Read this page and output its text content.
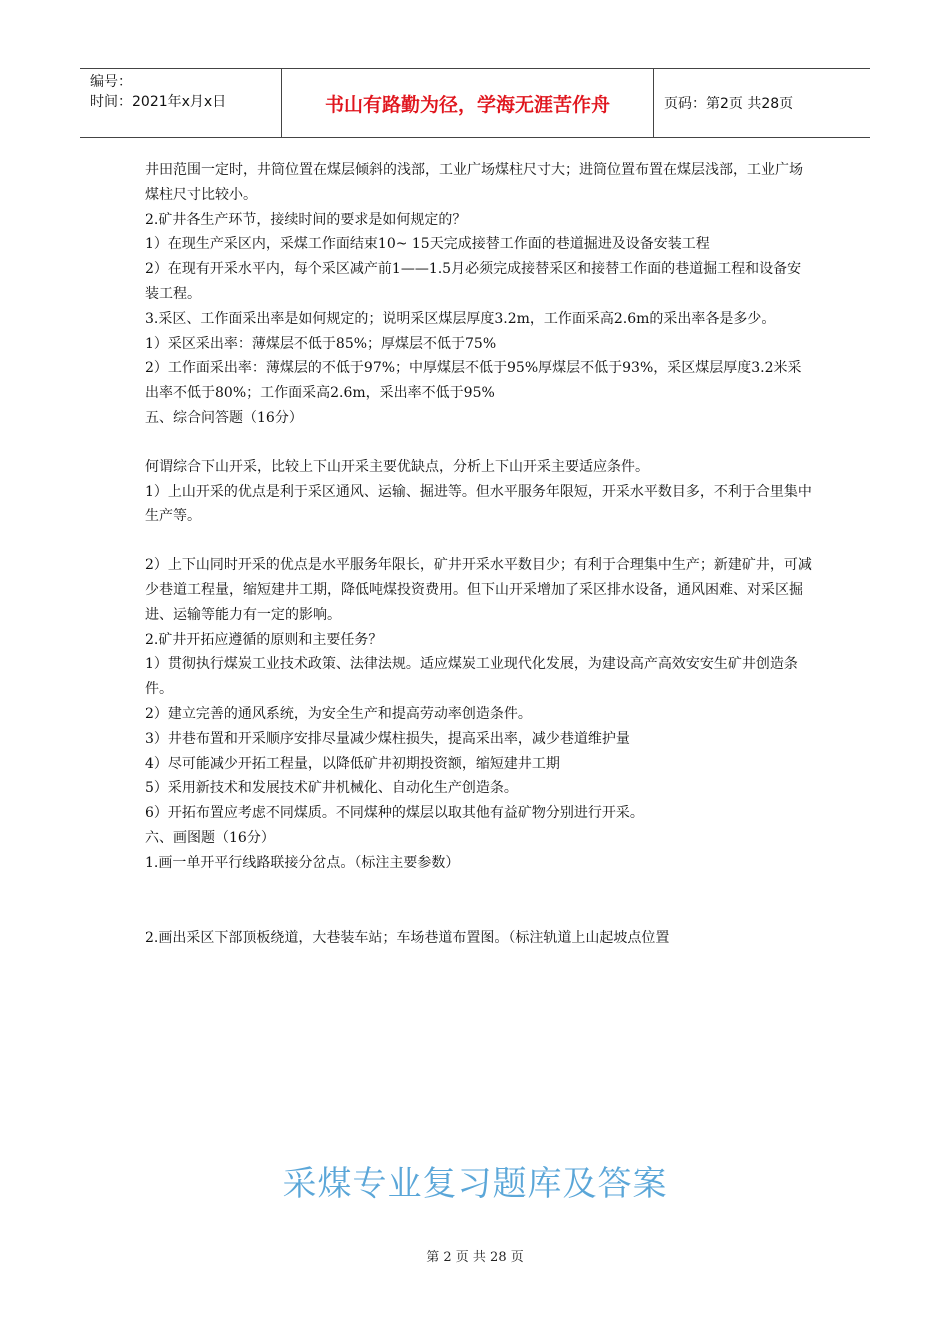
编号：
时间：2021年x月x日	书山有路勤为径，学海无涯苦作舟	页码：第2页 共28页

井田范围一定时，井筒位置在煤层倾斜的浅部，工业广场煤柱尺寸大；进筒位置布置在煤层浅部，工业广场煤柱尺寸比较小。

2.矿井各生产环节，接续时间的要求是如何规定的？

1）在现生产采区内，采煤工作面结束10~ 15天完成接替工作面的巷道掘进及设备安装工程

2）在现有开采水平内，每个采区减产前1——1.5月必须完成接替采区和接替工作面的巷道掘工程和设备安装工程。

3.采区、工作面采出率是如何规定的；说明采区煤层厚度3.2m，工作面采高2.6m的采出率各是多少。

1）采区采出率：薄煤层不低于85%；厚煤层不低于75%

2）工作面采出率：薄煤层的不低于97%；中厚煤层不低于95%厚煤层不低于93%，采区煤层厚度3.2米采出率不低于80%；工作面采高2.6m，采出率不低于95%

五、综合问答题（16分）

何谓综合下山开采，比较上下山开采主要优缺点，分析上下山开采主要适应条件。

1）上山开采的优点是利于采区通风、运输、掘进等。但水平服务年限短，开采水平数目多，不利于合里集中生产等。

2）上下山同时开采的优点是水平服务年限长，矿井开采水平数目少；有利于合理集中生产；新建矿井，可减少巷道工程量，缩短建井工期，降低吨煤投资费用。但下山开采增加了采区排水设备，通风困难、对采区掘进、运输等能力有一定的影响。

2.矿井开拓应遵循的原则和主要任务？

1）贯彻执行煤炭工业技术政策、法律法规。适应煤炭工业现代化发展，为建设高产高效安安生矿井创造条件。

2）建立完善的通风系统，为安全生产和提高劳动率创造条件。

3）井巷布置和开采顺序安排尽量减少煤柱损失，提高采出率，减少巷道维护量

4）尽可能减少开拓工程量，以降低矿井初期投资额，缩短建井工期

5）采用新技术和发展技术矿井机械化、自动化生产创造条。

6）开拓布置应考虑不同煤质。不同煤种的煤层以取其他有益矿物分别进行开采。

六、画图题（16分）

1.画一单开平行线路联接分岔点。（标注主要参数）

2.画出采区下部顶板绕道，大巷装车站；车场巷道布置图。（标注轨道上山起坡点位置

采煤专业复习题库及答案
第 2 页 共 28 页
